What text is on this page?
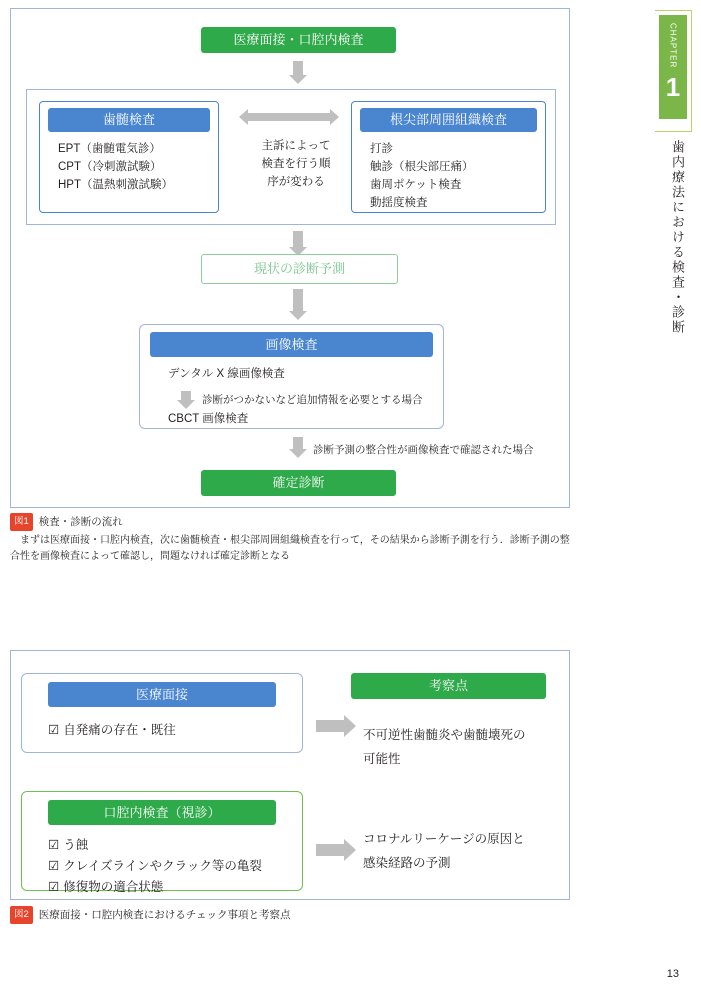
医療面接・口腔内検査
歯髄検査
EPT（歯髄電気診）
CPT（冷刺激試験）
HPT（温熱刺激試験）
主訴によって
検査を行う順
序が変わる
根尖部周囲組織検査
打診
触診（根尖部圧痛）
歯周ポケット検査
動揺度検査
現状の診断予測
画像検査
デンタル X 線画像検査
診断がつかないなど追加情報を必要とする場合
CBCT 画像検査
診断予測の整合性が画像検査で確認された場合
確定診断
図1 検査・診断の流れ
　まずは医療面接・口腔内検査，次に歯髄検査・根尖部周囲組織検査を行って，その結果から診断予測を行う．診断予測の整合性を画像検査によって確認し，問題なければ確定診断となる
医療面接
☑ 自発痛の存在・既往
考察点
不可逆性歯髄炎や歯髄壊死の
可能性
口腔内検査（視診）
☑ う蝕
☑ クレイズラインやクラック等の亀裂
☑ 修復物の適合状態
コロナルリーケージの原因と
感染経路の予測
図2 医療面接・口腔内検査におけるチェック事項と考察点
CHAPTER
1
歯内療法における検査・診断
13
